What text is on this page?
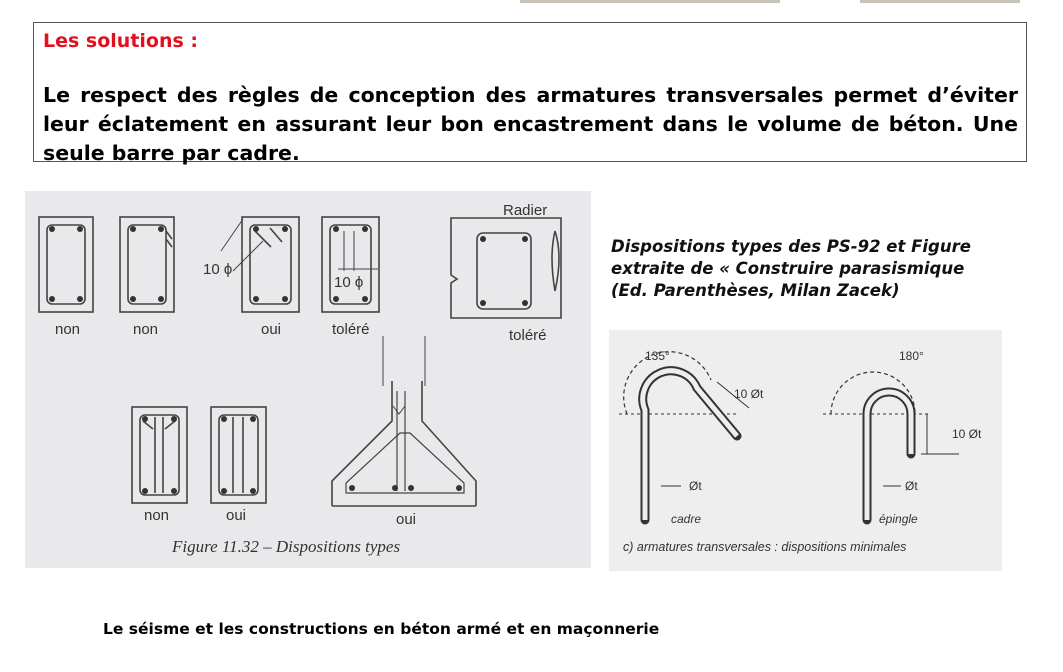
Les solutions :
Le respect des règles de conception des armatures transversales permet d’éviter leur éclatement en assurant leur bon encastrement dans le volume de béton. Une seule barre par cadre.
non	non
10 ϕ
oui
10 ϕ
toléré
Radier
toléré
non	oui	oui
Figure 11.32 – Dispositions types
Dispositions types des PS-92 et Figure
extraite de « Construire parasismique
(Ed. Parenthèses, Milan Zacek)
135°	180°
10 Øt
10 Øt
Øt	Øt
cadre	épingle
c) armatures transversales : dispositions minimales
Le séisme et les constructions en béton armé et en maçonnerie
